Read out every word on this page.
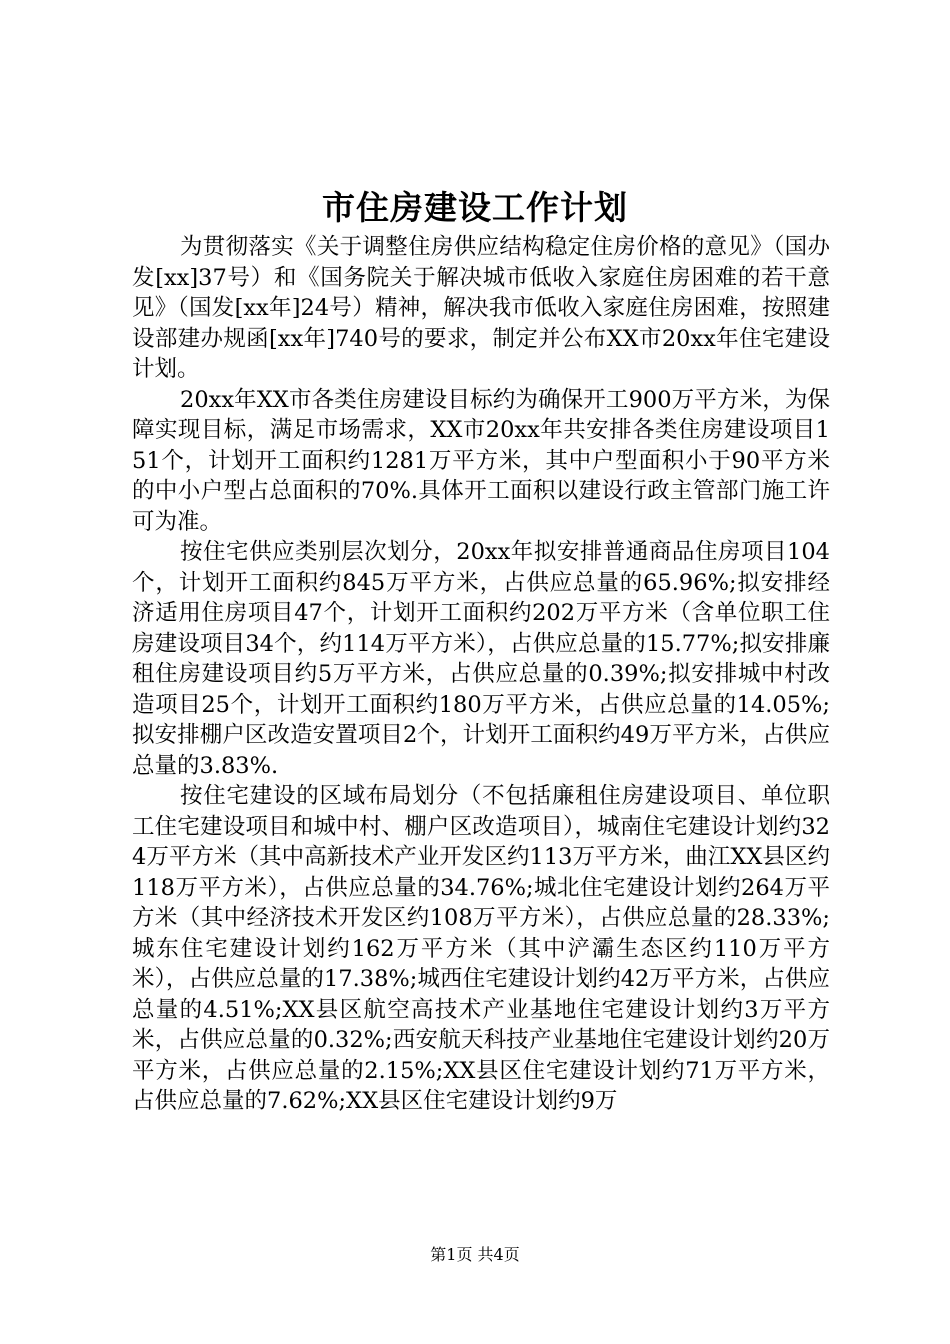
市住房建设工作计划

为贯彻落实《关于调整住房供应结构稳定住房价格的意见》（国办发[xx]37号）和《国务院关于解决城市低收入家庭住房困难的若干意见》（国发[xx年]24号）精神，解决我市低收入家庭住房困难，按照建设部建办规函[xx年]740号的要求，制定并公布XX市20xx年住宅建设计划。

20xx年XX市各类住房建设目标约为确保开工900万平方米，为保障实现目标，满足市场需求，XX市20xx年共安排各类住房建设项目151个，计划开工面积约1281万平方米，其中户型面积小于90平方米的中小户型占总面积的70%.具体开工面积以建设行政主管部门施工许可为准。

按住宅供应类别层次划分，20xx年拟安排普通商品住房项目104个，计划开工面积约845万平方米，占供应总量的65.96%;拟安排经济适用住房项目47个，计划开工面积约202万平方米（含单位职工住房建设项目34个，约114万平方米），占供应总量的15.77%;拟安排廉租住房建设项目约5万平方米，占供应总量的0.39%;拟安排城中村改造项目25个，计划开工面积约180万平方米，占供应总量的14.05%;拟安排棚户区改造安置项目2个，计划开工面积约49万平方米，占供应总量的3.83%.

按住宅建设的区域布局划分（不包括廉租住房建设项目、单位职工住宅建设项目和城中村、棚户区改造项目），城南住宅建设计划约324万平方米（其中高新技术产业开发区约113万平方米，曲江XX县区约118万平方米），占供应总量的34.76%;城北住宅建设计划约264万平方米（其中经济技术开发区约108万平方米），占供应总量的28.33%;城东住宅建设计划约162万平方米（其中浐灞生态区约110万平方米），占供应总量的17.38%;城西住宅建设计划约42万平方米，占供应总量的4.51%;XX县区航空高技术产业基地住宅建设计划约3万平方米，占供应总量的0.32%;西安航天科技产业基地住宅建设计划约20万平方米，占供应总量的2.15%;XX县区住宅建设计划约71万平方米，占供应总量的7.62%;XX县区住宅建设计划约9万

第1页 共4页
